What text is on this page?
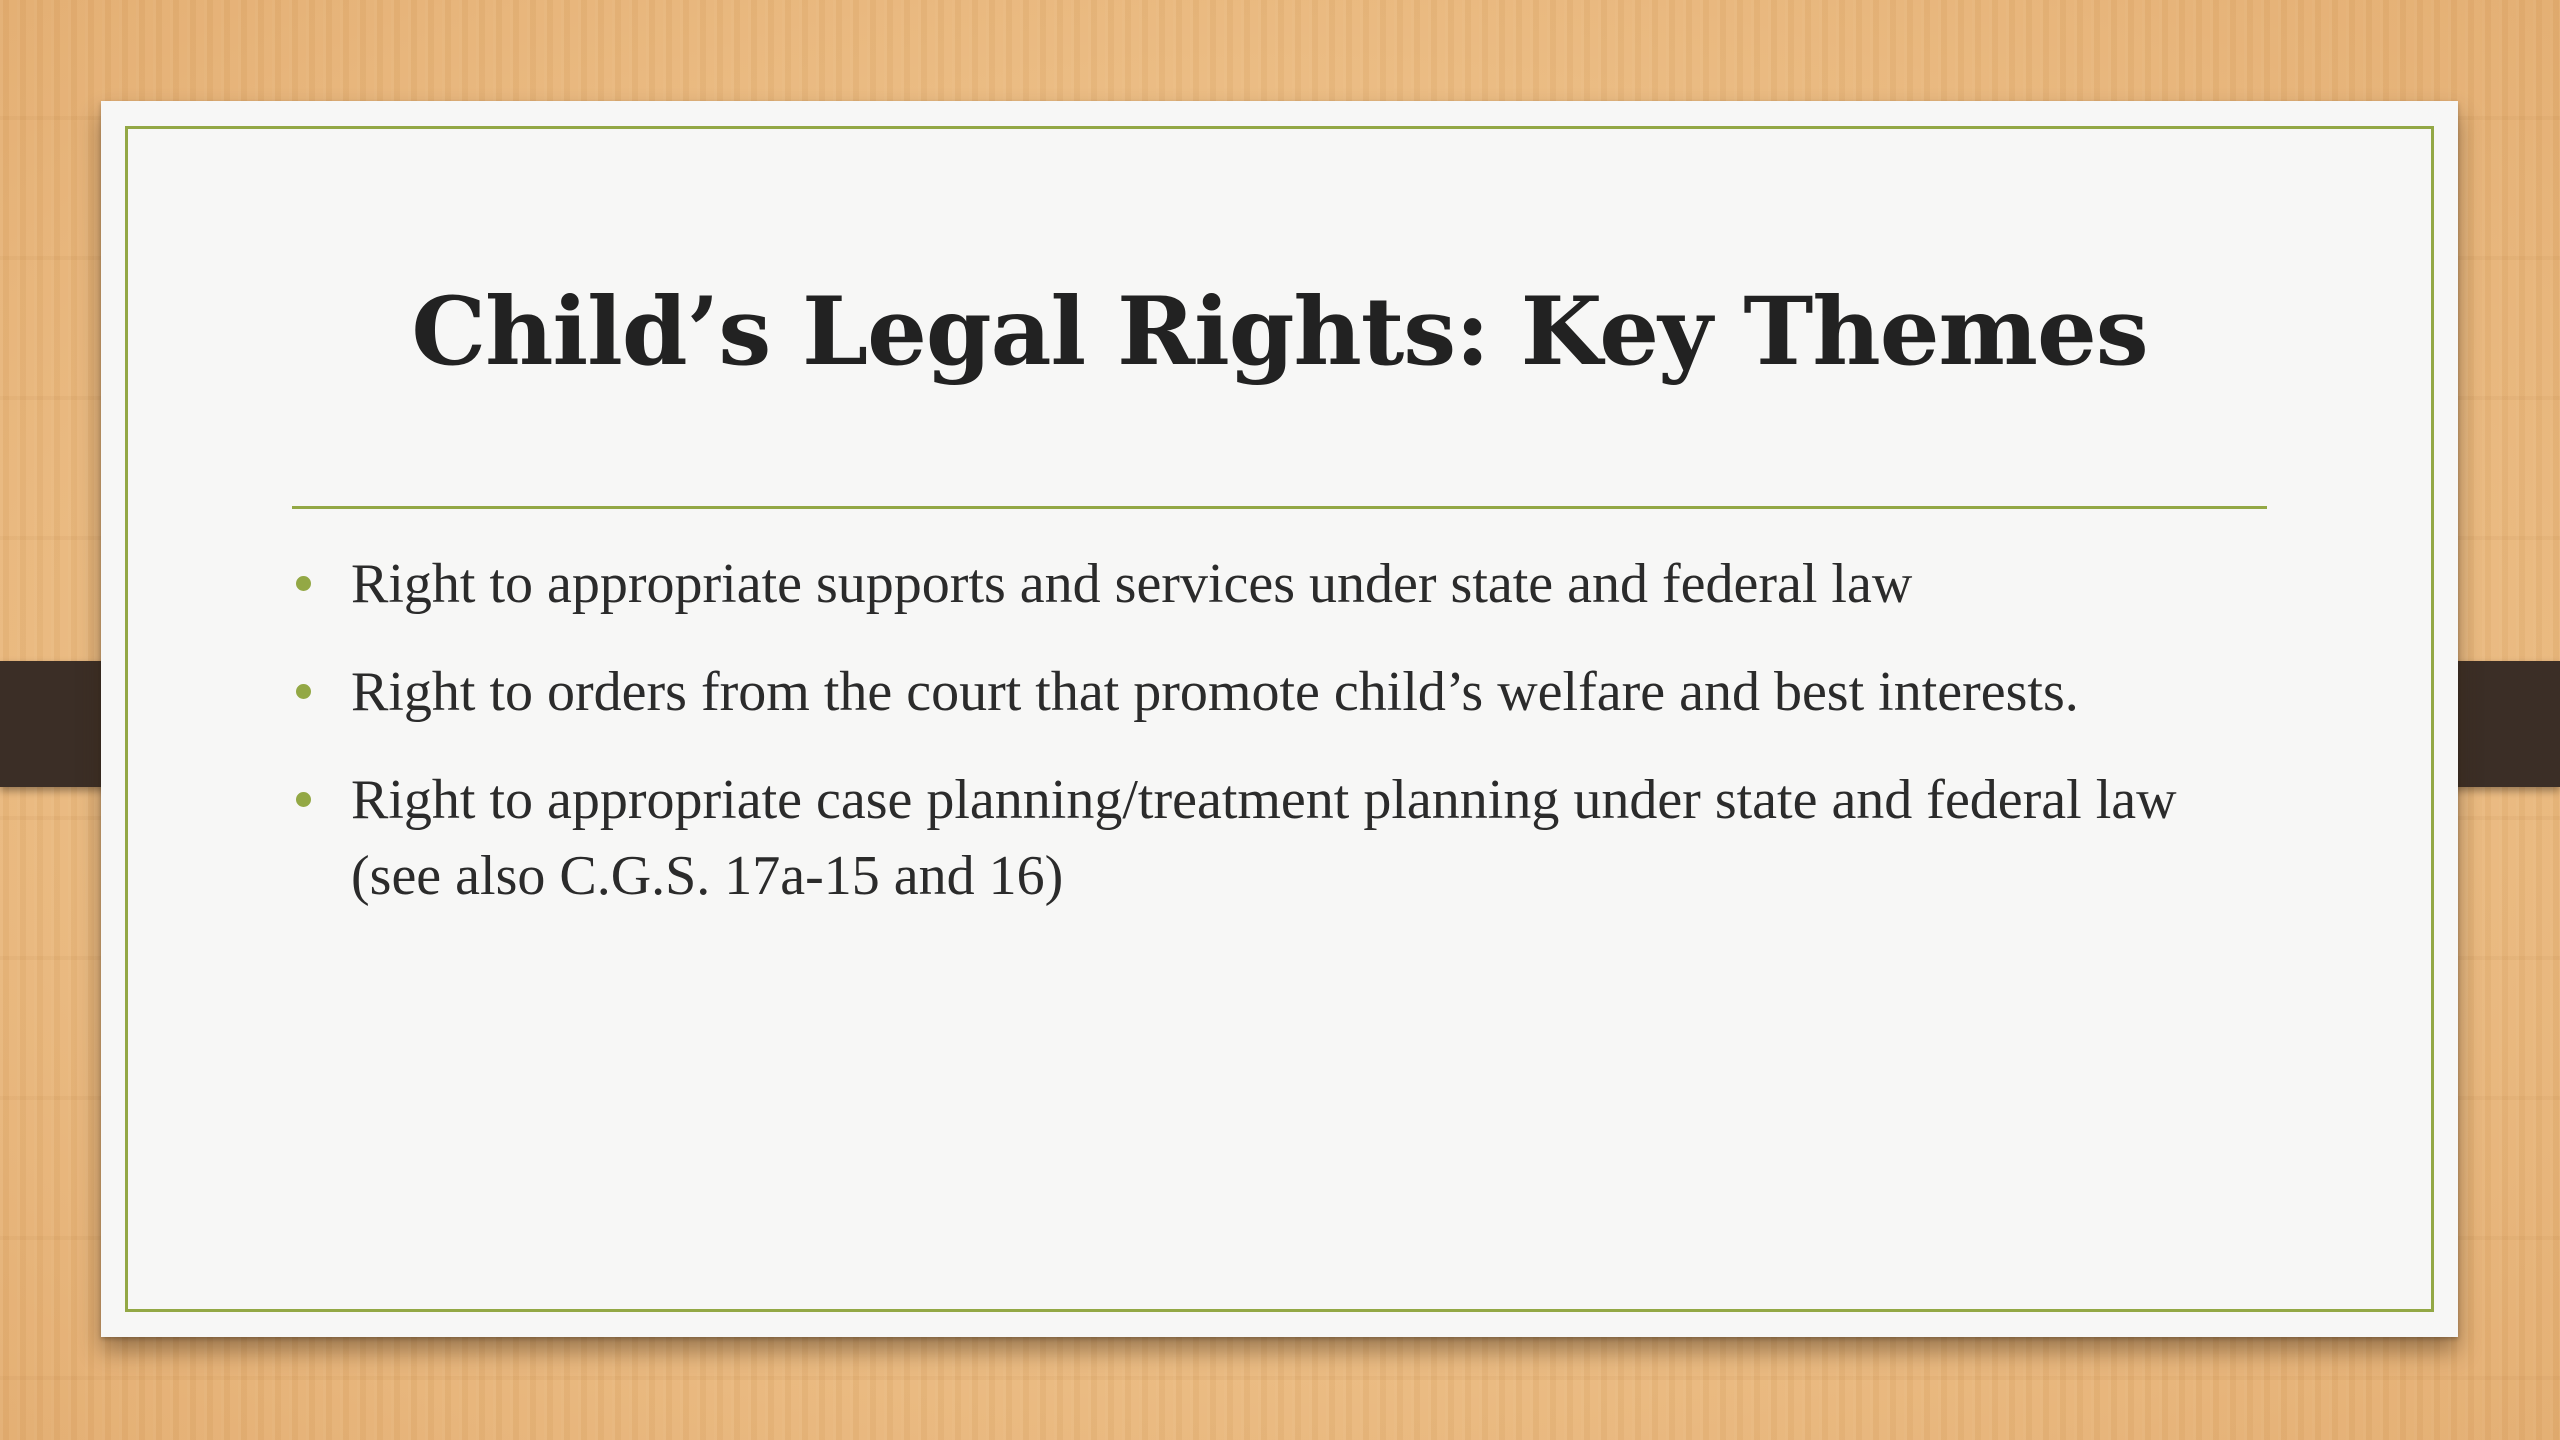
Child’s Legal Rights: Key Themes
Right to appropriate supports and services under state and federal law
Right to orders from the court that promote child’s welfare and best interests.
Right to appropriate case planning/treatment planning under state and federal law (see also C.G.S. 17a-15 and 16)
